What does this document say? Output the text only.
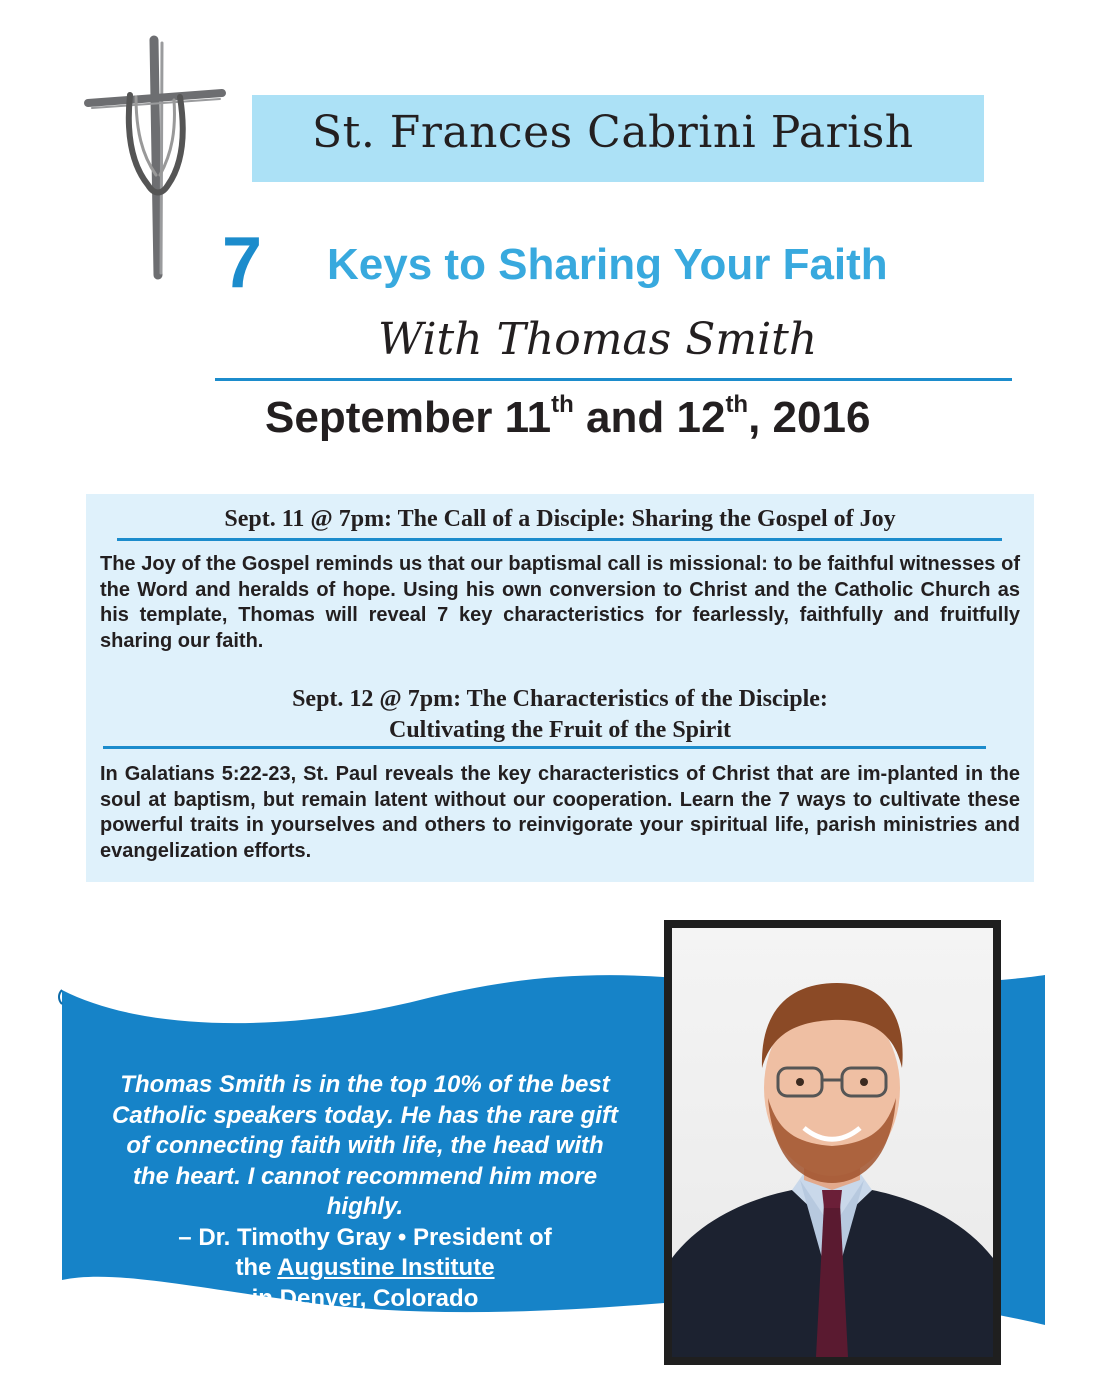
St. Frances Cabrini Parish
7 Keys to Sharing Your Faith
With Thomas Smith
September 11th and 12th, 2016
Sept. 11 @ 7pm: The Call of a Disciple: Sharing the Gospel of Joy
The Joy of the Gospel reminds us that our baptismal call is missional: to be faithful witnesses of the Word and heralds of hope. Using his own conversion to Christ and the Catholic Church as his template, Thomas will reveal 7 key characteristics for fearlessly, faithfully and fruitfully sharing our faith.
Sept. 12 @ 7pm: The Characteristics of the Disciple:
Cultivating the Fruit of the Spirit
In Galatians 5:22-23, St. Paul reveals the key characteristics of Christ that are im-planted in the soul at baptism, but remain latent without our cooperation. Learn the 7 ways to cultivate these powerful traits in yourselves and others to reinvigorate your spiritual life, parish ministries and evangelization efforts.
Thomas Smith is in the top 10% of the best Catholic speakers today. He has the rare gift of connecting faith with life, the head with the heart. I cannot recommend him more highly.
– Dr. Timothy Gray • President of
the Augustine Institute
in Denver, Colorado
